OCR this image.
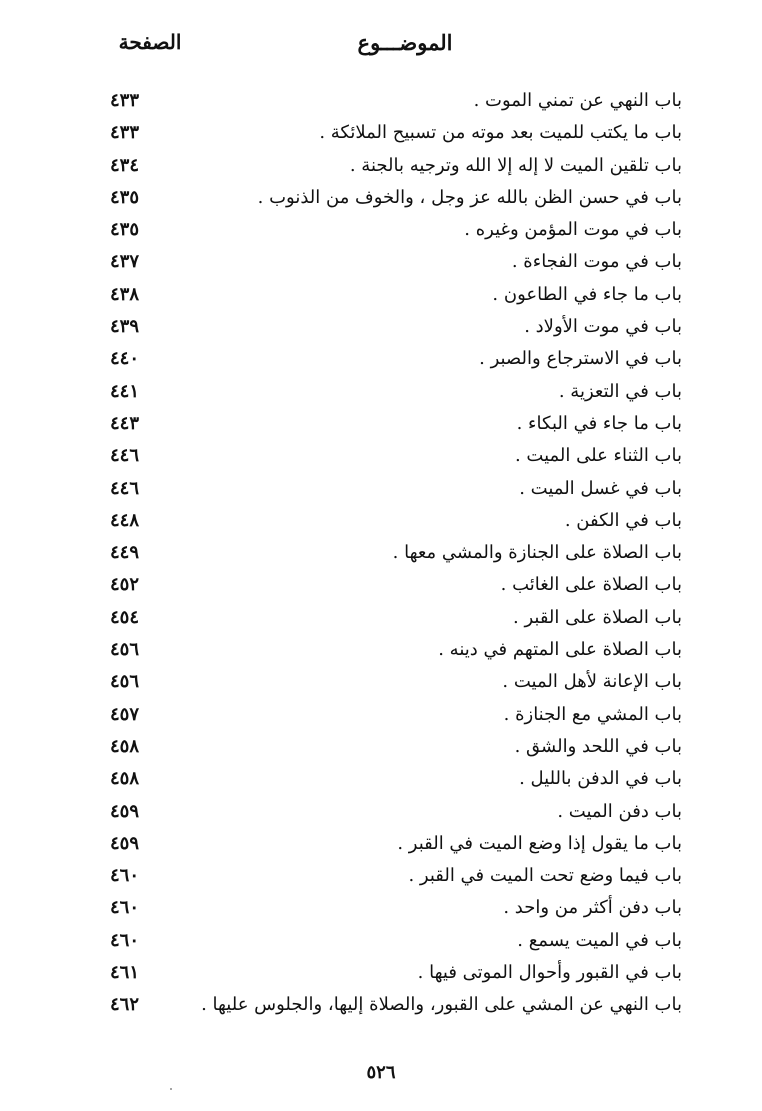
الموضـــوع
الصفحة
باب النهي عن تمني الموت .
٤٣٣
باب ما يكتب للميت بعد موته من تسبيح الملائكة .
٤٣٣
باب تلقين الميت لا إله إلا الله وترجيه بالجنة .
٤٣٤
باب في حسن الظن بالله عز وجل ، والخوف من الذنوب .
٤٣٥
باب في موت المؤمن وغيره .
٤٣٥
باب في موت الفجاءة .
٤٣٧
باب ما جاء في الطاعون .
٤٣٨
باب في موت الأولاد .
٤٣٩
باب في الاسترجاع والصبر .
٤٤٠
باب في التعزية .
٤٤١
باب ما جاء في البكاء .
٤٤٣
باب الثناء على الميت .
٤٤٦
باب في غسل الميت .
٤٤٦
باب في الكفن .
٤٤٨
باب الصلاة على الجنازة والمشي معها .
٤٤٩
باب الصلاة على الغائب .
٤٥٢
باب الصلاة على القبر .
٤٥٤
باب الصلاة على المتهم في دينه .
٤٥٦
باب الإعانة لأهل الميت .
٤٥٦
باب المشي مع الجنازة .
٤٥٧
باب في اللحد والشق .
٤٥٨
باب في الدفن بالليل .
٤٥٨
باب دفن الميت .
٤٥٩
باب ما يقول إذا وضع الميت في القبر .
٤٥٩
باب فيما وضع تحت الميت في القبر .
٤٦٠
باب دفن أكثر من واحد .
٤٦٠
باب في الميت يسمع .
٤٦٠
باب في القبور وأحوال الموتى فيها .
٤٦١
باب النهي عن المشي على القبور، والصلاة إليها، والجلوس عليها .
٤٦٢
٥٢٦
